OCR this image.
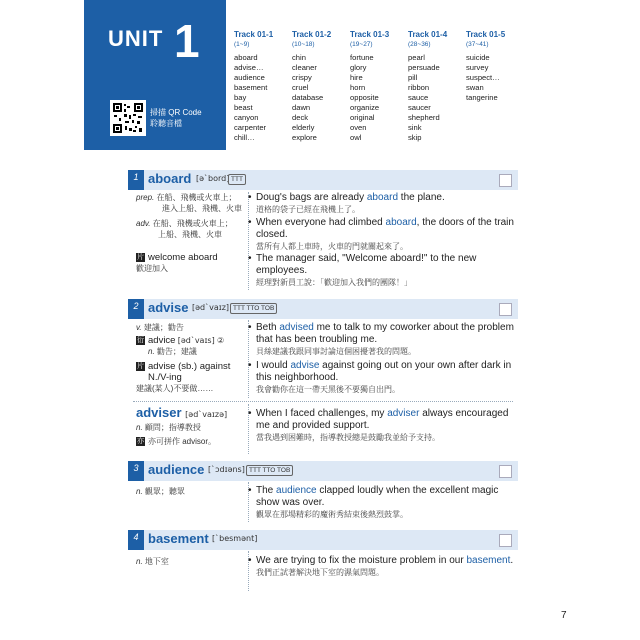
UNIT 1
掃描 QR Code
聆聽音檔
Track 01-1
(1~9)
aboard
advise…
audience
basement
bay
beast
canyon
carpenter
chill…
Track 01-2
(10~18)
chin
cleaner
crispy
cruel
database
dawn
deck
elderly
explore
Track 01-3
(19~27)
fortune
glory
hire
horn
opposite
organize
original
oven
owl
Track 01-4
(28~36)
pearl
persuade
pill
ribbon
sauce
saucer
shepherd
sink
skip
Track 01-5
(37~41)
suicide
survey
suspect…
swan
tangerine
1 aboard [əˋbord] TTT
prep. 在船、飛機或火車上；
進入上船、飛機、火車
adv. 在船、飛機或火車上；
上船、飛機、火車
片 welcome aboard
歡迎加入
• Doug's bags are already aboard the plane.
道格的袋子已經在飛機上了。
• When everyone had climbed aboard, the doors of the train closed.
當所有人都上車時，火車的門就關起來了。
• The manager said, "Welcome aboard!" to the new employees.
經理對新員工說：「歡迎加入我們的團隊！」
2 advise [ədˋvaɪz] TTT TTO TOB
v. 建議；勸告
衍 advice [ədˋvaɪs] ②
n. 勸告；建議
片 advise (sb.) against
N./V-ing
建議(某人)不要做……
• Beth advised me to talk to my coworker about the problem that has been troubling me.
貝絲建議我跟同事討論這個困擾著我的問題。
• I would advise against going out on your own after dark in this neighborhood.
我會勸你在這一帶天黑後不要獨自出門。
adviser [ədˋvaɪzə]
n. 顧問；指導教授
亦 亦可拼作 advisor。
• When I faced challenges, my adviser always encouraged me and provided support.
當我遇到困難時，指導教授總是鼓勵我並給予支持。
3 audience [ˋɔdɪəns] TTT TTO TOB
n. 觀眾；聽眾	• The audience clapped loudly when the excellent magic show was over.
觀眾在那場精彩的魔術秀結束後熱烈鼓掌。
4 basement [ˋbesmənt]
n. 地下室	• We are trying to fix the moisture problem in our basement.
我們正試著解決地下室的濕氣問題。
7
